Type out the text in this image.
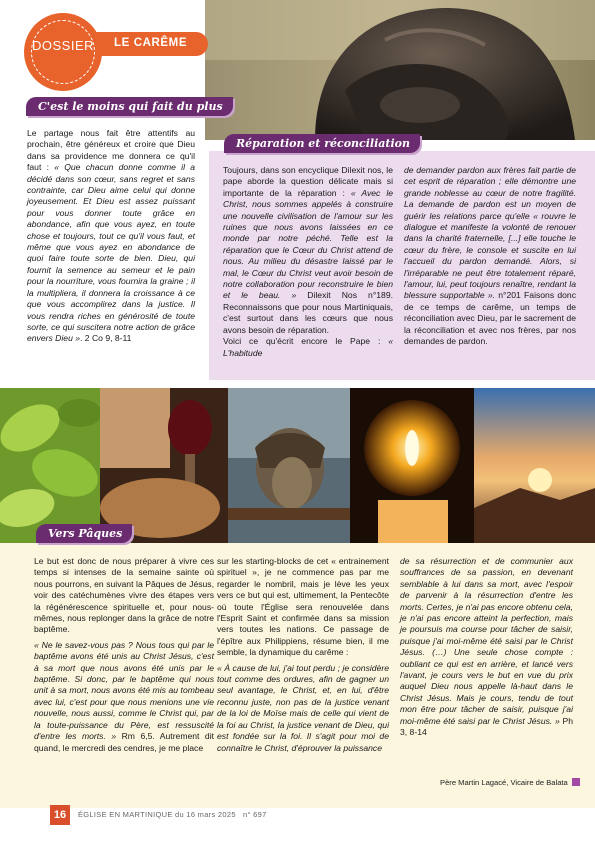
LE CARÊME
DOSSIER
C'est le moins qui fait du plus
Le partage nous fait être attentifs au prochain, être généreux et croire que Dieu dans sa providence me donnera ce qu'il faut : « Que chacun donne comme il a décidé dans son cœur, sans regret et sans contrainte, car Dieu aime celui qui donne joyeusement. Et Dieu est assez puissant pour vous donner toute grâce en abondance, afin que vous ayez, en toute chose et toujours, tout ce qu'il vous faut, et même que vous ayez en abondance de quoi faire toute sorte de bien. Dieu, qui fournit la semence au semeur et le pain pour la nourriture, vous fournira la graine ; il la multipliera, il donnera la croissance à ce que vous accomplirez dans la justice. Il vous rendra riches en générosité de toute sorte, ce qui suscitera notre action de grâce envers Dieu ». 2 Co 9, 8-11
Réparation et réconciliation
Toujours, dans son encyclique Dilexit nos, le pape aborde la question délicate mais si importante de la réparation : « Avec le Christ, nous sommes appelés à construire une nouvelle civilisation de l'amour sur les ruines que nous avons laissées en ce monde par notre péché. Telle est la réparation que le Cœur du Christ attend de nous. Au milieu du désastre laissé par le mal, le Cœur du Christ veut avoir besoin de notre collaboration pour reconstruire le bien et le beau. » Dilexit Nos n°189. Reconnaissons que pour nous Martiniquais, c'est surtout dans les cœurs que nous avons besoin de réparation.
Voici ce qu'écrit encore le Pape : « L'habitude
de demander pardon aux frères fait partie de cet esprit de réparation ; elle démontre une grande noblesse au cœur de notre fragilité. La demande de pardon est un moyen de guérir les relations parce qu'elle « rouvre le dialogue et manifeste la volonté de renouer dans la charité fraternelle, [...] elle touche le cœur du frère, le console et suscite en lui l'accueil du pardon demandé. Alors, si l'irréparable ne peut être totalement réparé, l'amour, lui, peut toujours renaître, rendant la blessure supportable ». n°201 Faisons donc de ce temps de carême, un temps de réconciliation avec Dieu, par le sacrement de la réconciliation et avec nos frères, par nos demandes de pardon.
Vers Pâques

Le but est donc de nous préparer à vivre ces temps si intenses de la semaine sainte où nous pourrons, en suivant la Pâques de Jésus, voir des catéchumènes vivre des étapes vers la régénérescence spirituelle et, pour nous-mêmes, nous replonger dans la grâce de notre baptême.

« Ne le savez-vous pas ? Nous tous qui par le baptême avons été unis au Christ Jésus, c'est à sa mort que nous avons été unis par le baptême. Si donc, par le baptême qui nous unit à sa mort, nous avons été mis au tombeau avec lui, c'est pour que nous menions une vie nouvelle, nous aussi, comme le Christ qui, par la toute-puissance du Père, est ressuscité d'entre les morts. » Rm 6,5. Autrement dit quand, le mercredi des cendres, je me place

sur les starting-blocks de cet « entrainement spirituel », je ne commence pas par me regarder le nombril, mais je lève les yeux vers ce but qui est, ultimement, la Pentecôte où toute l'Église sera renouvelée dans l'Esprit Saint et confirmée dans sa mission vers toutes les nations. Ce passage de l'épître aux Philippiens, résume bien, il me semble, la dynamique du carême :

« À cause de lui, j'ai tout perdu ; je considère tout comme des ordures, afin de gagner un seul avantage, le Christ, et, en lui, d'être reconnu juste, non pas de la justice venant de la loi de Moïse mais de celle qui vient de la foi au Christ, la justice venant de Dieu, qui est fondée sur la foi. Il s'agit pour moi de connaître le Christ, d'éprouver la puissance

de sa résurrection et de communier aux souffrances de sa passion, en devenant semblable à lui dans sa mort, avec l'espoir de parvenir à la résurrection d'entre les morts. Certes, je n'ai pas encore obtenu cela, je n'ai pas encore atteint la perfection, mais je poursuis ma course pour tâcher de saisir, puisque j'ai moi-même été saisi par le Christ Jésus. (…) Une seule chose compte : oubliant ce qui est en arrière, et lancé vers l'avant, je cours vers le but en vue du prix auquel Dieu nous appelle là-haut dans le Christ Jésus. Mais je cours, tendu de tout mon être pour tâcher de saisir, puisque j'ai moi-même été saisi par le Christ Jésus. » Ph 3, 8-14
Père Martin Lagacé, Vicaire de Balata
16	ÉGLISE EN MARTINIQUE du 16 mars 2025 n° 697
